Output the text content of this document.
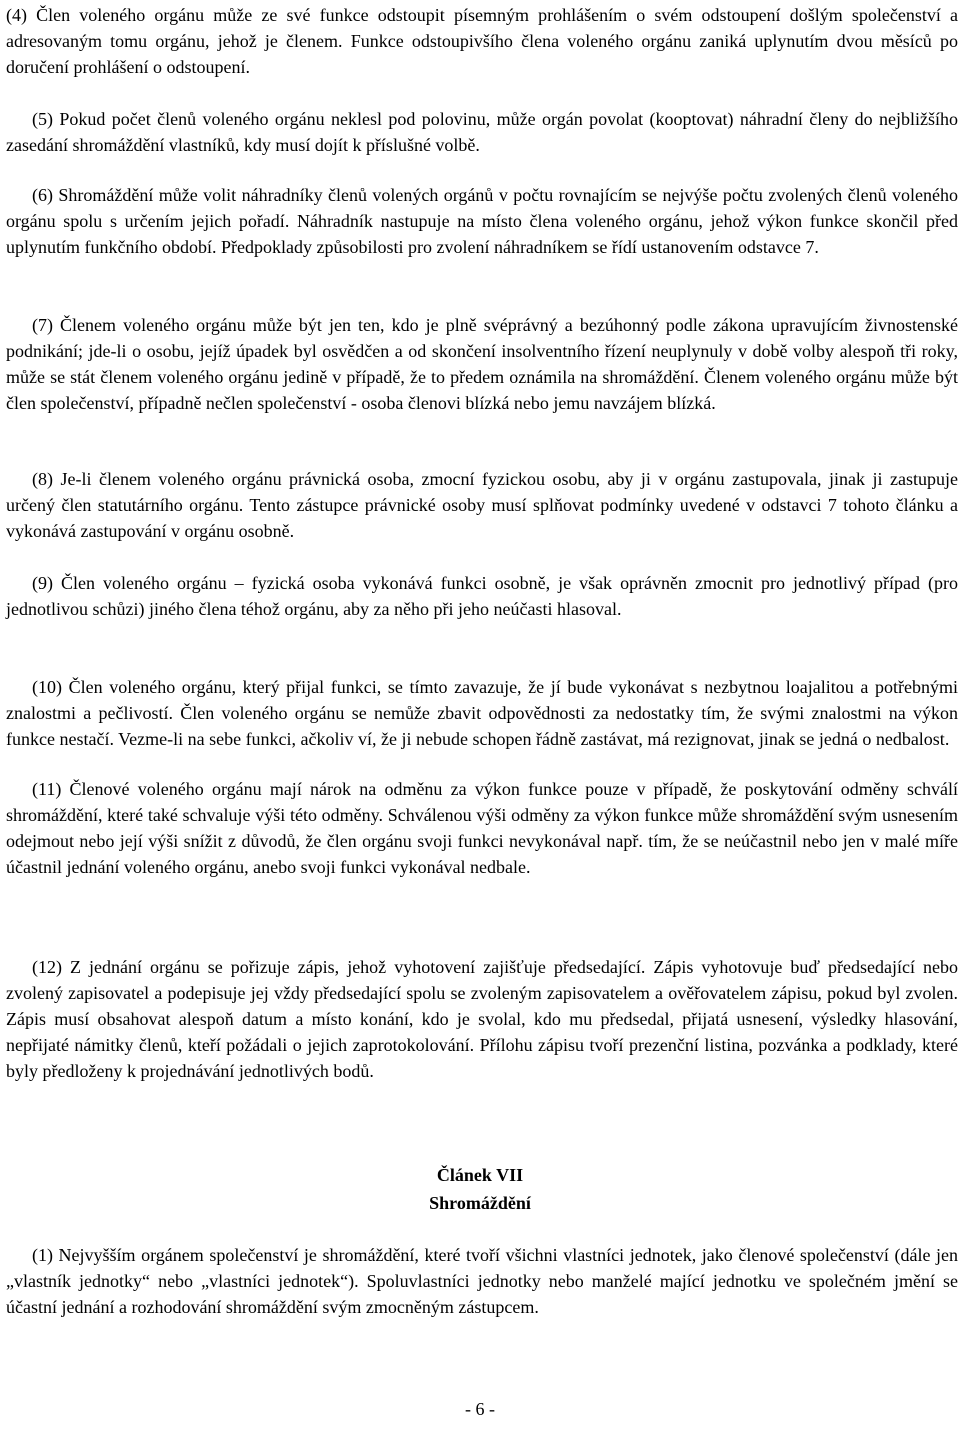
(4) Člen voleného orgánu může ze své funkce odstoupit písemným prohlášením o svém odstoupení došlým společenství a adresovaným tomu orgánu, jehož je členem. Funkce odstoupivšího člena voleného orgánu zaniká uplynutím dvou měsíců po doručení prohlášení o odstoupení.

(5) Pokud počet členů voleného orgánu neklesl pod polovinu, může orgán povolat (kooptovat) náhradní členy do nejbližšího zasedání shromáždění vlastníků, kdy musí dojít k příslušné volbě.

(6) Shromáždění může volit náhradníky členů volených orgánů v počtu rovnajícím se nejvýše počtu zvolených členů voleného orgánu spolu s určením jejich pořadí. Náhradník nastupuje na místo člena voleného orgánu, jehož výkon funkce skončil před uplynutím funkčního období. Předpoklady způsobilosti pro zvolení náhradníkem se řídí ustanovením odstavce 7.

(7) Členem voleného orgánu může být jen ten, kdo je plně svéprávný a bezúhonný podle zákona upravujícím živnostenské podnikání; jde-li o osobu, jejíž úpadek byl osvědčen a od skončení insolventního řízení neuplynuly v době volby alespoň tři roky, může se stát členem voleného orgánu jedině v případě, že to předem oznámila na shromáždění. Členem voleného orgánu může být člen společenství, případně nečlen společenství - osoba členovi blízká nebo jemu navzájem blízká.

(8) Je-li členem voleného orgánu právnická osoba, zmocní fyzickou osobu, aby ji v orgánu zastupovala, jinak ji zastupuje určený člen statutárního orgánu. Tento zástupce právnické osoby musí splňovat podmínky uvedené v odstavci 7 tohoto článku a vykonává zastupování v orgánu osobně.

(9) Člen voleného orgánu – fyzická osoba vykonává funkci osobně, je však oprávněn zmocnit pro jednotlivý případ (pro jednotlivou schůzi) jiného člena téhož orgánu, aby za něho při jeho neúčasti hlasoval.

(10) Člen voleného orgánu, který přijal funkci, se tímto zavazuje, že jí bude vykonávat s nezbytnou loajalitou a potřebnými znalostmi a pečlivostí. Člen voleného orgánu se nemůže zbavit odpovědnosti za nedostatky tím, že svými znalostmi na výkon funkce nestačí. Vezme-li na sebe funkci, ačkoliv ví, že ji nebude schopen řádně zastávat, má rezignovat, jinak se jedná o nedbalost.

(11) Členové voleného orgánu mají nárok na odměnu za výkon funkce pouze v případě, že poskytování odměny schválí shromáždění, které také schvaluje výši této odměny. Schválenou výši odměny za výkon funkce může shromáždění svým usnesením odejmout nebo její výši snížit z důvodů, že člen orgánu svoji funkci nevykonával např. tím, že se neúčastnil nebo jen v malé míře účastnil jednání voleného orgánu, anebo svoji funkci vykonával nedbale.

(12) Z jednání orgánu se pořizuje zápis, jehož vyhotovení zajišťuje předsedající. Zápis vyhotovuje buď předsedající nebo zvolený zapisovatel a podepisuje jej vždy předsedající spolu se zvoleným zapisovatelem a ověřovatelem zápisu, pokud byl zvolen. Zápis musí obsahovat alespoň datum a místo konání, kdo je svolal, kdo mu předsedal, přijatá usnesení, výsledky hlasování, nepřijaté námitky členů, kteří požádali o jejich zaprotokolování. Přílohu zápisu tvoří prezenční listina, pozvánka a podklady, které byly předloženy k projednávání jednotlivých bodů.

Článek VII

Shromáždění

(1) Nejvyšším orgánem společenství je shromáždění, které tvoří všichni vlastníci jednotek, jako členové společenství (dále jen „vlastník jednotky“ nebo „vlastníci jednotek“). Spoluvlastníci jednotky nebo manželé mající jednotku ve společném jmění se účastní jednání a rozhodování shromáždění svým zmocněným zástupcem.

- 6 -
